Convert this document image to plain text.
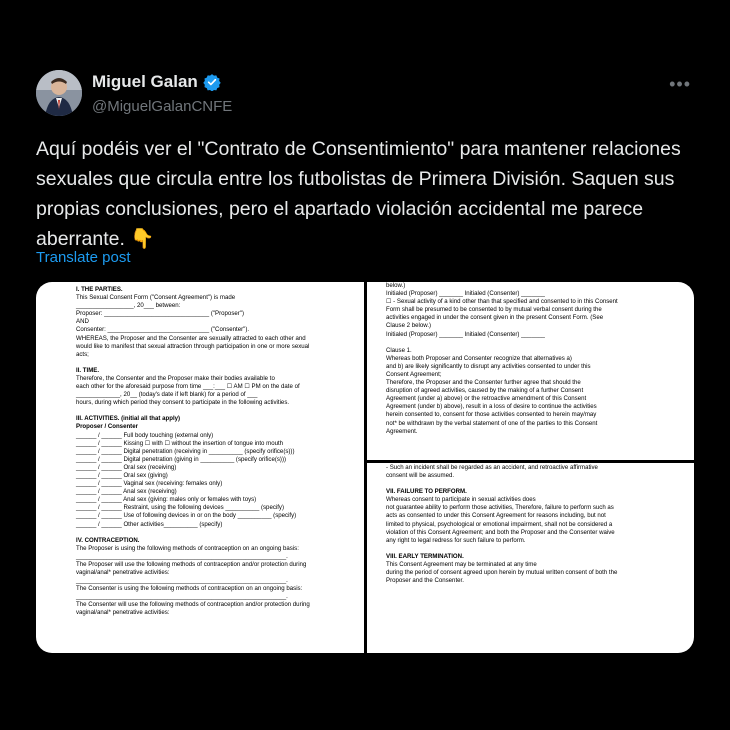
Miguel Galan
@MiguelGalanCNFE
•••
Aquí podéis ver el "Contrato de Consentimiento" para mantener relaciones sexuales que circula entre los futbolistas de Primera División. Saquen sus propias conclusiones, pero el apartado violación accidental me parece aberrante. 👇
Translate post

I. THE PARTIES.

This Sexual Consent Form ("Consent Agreement") is made

_________________, 20___ between:

Proposer: _______________________________ ("Proposer")

AND

Consenter: ______________________________ ("Consenter").

WHEREAS, the Proposer and the Consenter are sexually attracted to each other and

would like to manifest that sexual attraction through participation in one or more sexual

acts;

II. TIME.

Therefore, the Consenter and the Proposer make their bodies available to

each other for the aforesaid purpose from time ___:___ ☐ AM ☐ PM on the date of

_____________, 20__ (today's date if left blank) for a period of ___

hours, during which period they consent to participate in the following activities.

III. ACTIVITIES. (initial all that apply)

Proposer / Consenter

______ / ______ Full body touching (external only)

______ / ______ Kissing ☐ with ☐ without the insertion of tongue into mouth

______ / ______ Digital penetration (receiving in __________ (specify orifice(s)))

______ / ______ Digital penetration (giving in __________ (specify orifice(s)))

______ / ______ Oral sex (receiving)

______ / ______ Oral sex (giving)

______ / ______ Vaginal sex (receiving: females only)

______ / ______ Anal sex (receiving)

______ / ______ Anal sex (giving: males only or females with toys)

______ / ______ Restraint, using the following devices __________ (specify)

______ / ______ Use of following devices in or on the body __________ (specify)

______ / ______ Other activities__________ (specify)

IV. CONTRACEPTION.

The Proposer is using the following methods of contraception on an ongoing basis:

______________________________________________________________.

The Proposer will use the following methods of contraception and/or protection during

vaginal/anal* penetrative activities:

______________________________________________________________.

The Consenter is using the following methods of contraception on an ongoing basis:

______________________________________________________________.

The Consenter will use the following methods of contraception and/or protection during

vaginal/anal* penetrative activities:

below.)

Initialed (Proposer) _______ Initialed (Consenter) _______

☐ - Sexual activity of a kind other than that specified and consented to in this Consent

Form shall be presumed to be consented to by mutual verbal consent during the

activities engaged in under the consent given in the present Consent Form. (See

Clause 2 below.)

Initialed (Proposer) _______ Initialed (Consenter) _______

Clause 1.

Whereas both Proposer and Consenter recognize that alternatives a)

and b) are likely significantly to disrupt any activities consented to under this

Consent Agreement;

Therefore, the Proposer and the Consenter further agree that should the

disruption of agreed activities, caused by the making of a further Consent

Agreement (under a) above) or the retroactive amendment of this Consent

Agreement (under b) above), result in a loss of desire to continue the activities

herein consented to, consent for those activities consented to herein may/may

not* be withdrawn by the verbal statement of one of the parties to this Consent

Agreement.

- Such an incident shall be regarded as an accident, and retroactive affirmative

consent will be assumed.

VII. FAILURE TO PERFORM.

Whereas consent to participate in sexual activities does

not guarantee ability to perform those activities, Therefore, failure to perform such as

acts as consented to under this Consent Agreement for reasons including, but not

limited to physical, psychological or emotional impairment, shall not be considered a

violation of this Consent Agreement; and both the Proposer and the Consenter waive

any right to legal redress for such failure to perform.

VIII. EARLY TERMINATION.

This Consent Agreement may be terminated at any time

during the period of consent agreed upon herein by mutual written consent of both the

Proposer and the Consenter.
